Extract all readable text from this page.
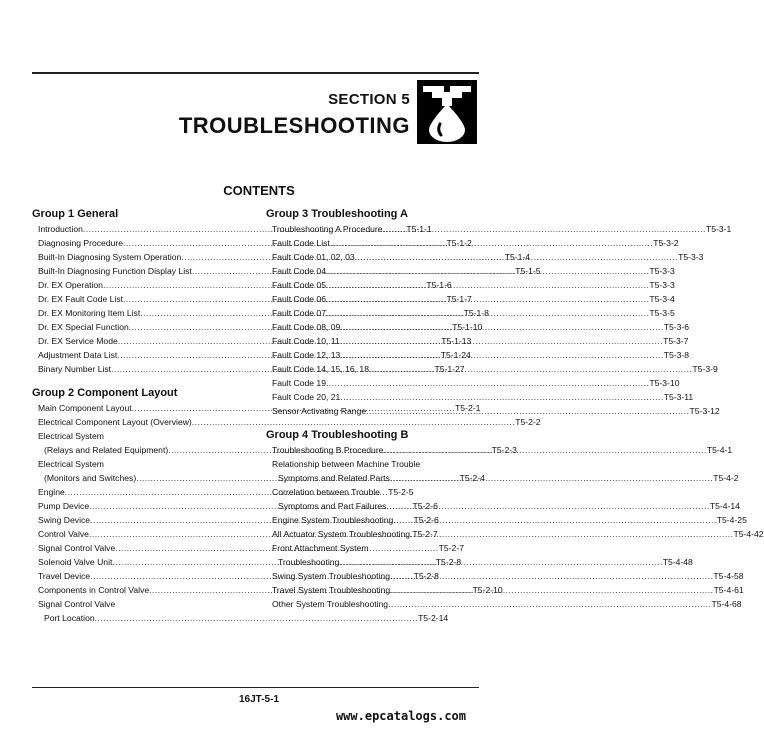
SECTION 5
TROUBLESHOOTING
CONTENTS
Group 1 General
Introduction .....	T5-1-1
Diagnosing Procedure .....	T5-1-2
Built-In Diagnosing System Operation .....	T5-1-4
Built-In Diagnosing Function Display List .....	T5-1-5
Dr. EX Operation .....	T5-1-6
Dr. EX Fault Code List .....	T5-1-7
Dr. EX Monitoring Item List .....	T5-1-8
Dr. EX Special Function .....	T5-1-10
Dr. EX Service Mode .....	T5-1-13
Adjustment Data List .....	T5-1-24
Binary Number List .....	T5-1-27
Group 2 Component Layout
Main Component Layout .....	T5-2-1
Electrical Component Layout (Overview) .....	T5-2-2
Electrical System
(Relays and Related Equipment) .....	T5-2-3
Electrical System
(Monitors and Switches) .....	T5-2-4
Engine .....	T5-2-5
Pump Device .....	T5-2-6
Swing Device .....	T5-2-6
Control Valve .....	T5-2-7
Signal Control Valve .....	T5-2-7
Solenoid Valve Unit .....	T5-2-8
Travel Device .....	T5-2-8
Components in Control Valve .....	T5-2-10
Signal Control Valve
Port Location .....	T5-2-14
Group 3 Troubleshooting A
Troubleshooting A Procedure .....	T5-3-1
Fault Code List .....	T5-3-2
Fault Code 01, 02, 03 .....	T5-3-3
Fault Code 04 .....	T5-3-3
Fault Code 05 .....	T5-3-3
Fault Code 06 .....	T5-3-4
Fault Code 07 .....	T5-3-5
Fault Code 08, 09 .....	T5-3-6
Fault Code 10, 11 .....	T5-3-7
Fault Code 12, 13 .....	T5-3-8
Fault Code 14, 15, 16, 18 .....	T5-3-9
Fault Code 19 .....	T5-3-10
Fault Code 20, 21 .....	T5-3-11
Sensor Activating Range .....	T5-3-12
Group 4 Troubleshooting B
Troubleshooting B Procedure .....	T5-4-1
Relationship between Machine Trouble
Symptoms and Related Parts .....	T5-4-2
Correlation between Trouble
Symptoms and Part Failures .....	T5-4-14
Engine System Troubleshooting .....	T5-4-25
All Actuator System Troubleshooting .....	T5-4-42
Front Attachment System
Troubleshooting .....	T5-4-48
Swing System Troubleshooting .....	T5-4-58
Travel System Troubleshooting .....	T5-4-61
Other System Troubleshooting .....	T5-4-68
16JT-5-1
www.epcatalogs.com
